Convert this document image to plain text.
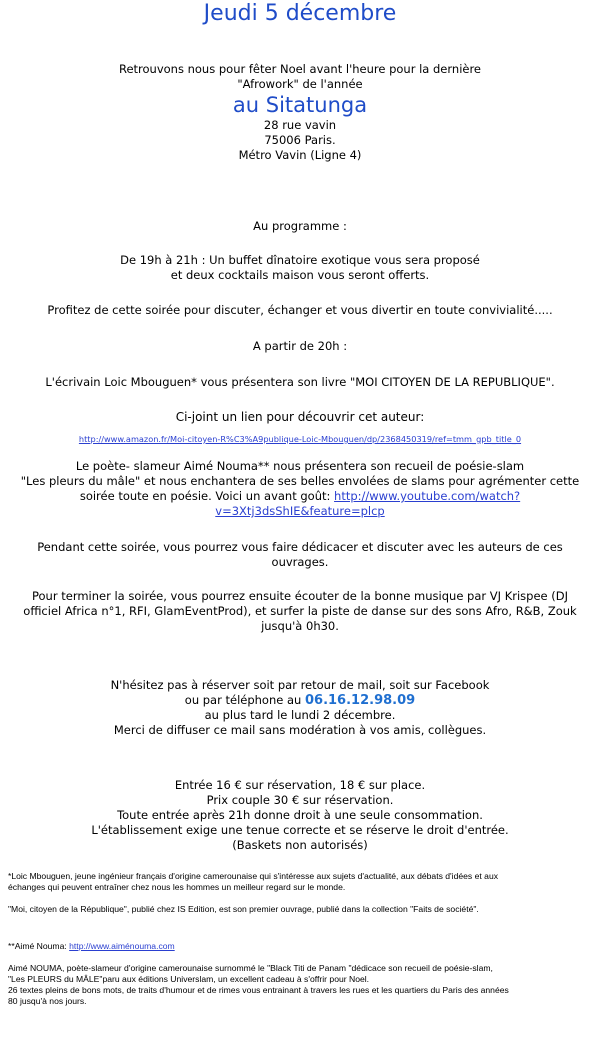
Jeudi 5 décembre
Retrouvons nous pour fêter Noel avant l'heure pour la dernière
"Afrowork" de l'année
au Sitatunga
28 rue vavin
75006 Paris.
Métro Vavin (Ligne 4)
Au programme :
De 19h à 21h : Un buffet dînatoire exotique vous sera proposé
et deux cocktails maison vous seront offerts.
Profitez de cette soirée pour discuter, échanger et vous divertir en toute convivialité.....
A partir de 20h :
L'écrivain Loic Mbouguen* vous présentera son livre "MOI CITOYEN DE LA REPUBLIQUE".
Ci-joint un lien pour découvrir cet auteur:
http://www.amazon.fr/Moi-citoyen-R%C3%A9publique-Loic-Mbouguen/dp/2368450319/ref=tmm_gpb_title_0
Le poète- slameur Aimé Nouma** nous présentera son recueil de poésie-slam
"Les pleurs du mâle" et nous enchantera de ses belles envolées de slams pour agrémenter cette
soirée toute en poésie. Voici un avant goût: http://www.youtube.com/watch?
v=3Xtj3dsShIE&feature=plcp
Pendant cette soirée, vous pourrez vous faire dédicacer et discuter avec les auteurs de ces
ouvrages.
Pour terminer la soirée, vous pourrez ensuite écouter de la bonne musique par VJ Krispee (DJ
officiel Africa n°1, RFI, GlamEventProd), et surfer la piste de danse sur des sons Afro, R&B, Zouk
jusqu'à 0h30.
N'hésitez pas à réserver soit par retour de mail, soit sur Facebook
ou par téléphone au 06.16.12.98.09
au plus tard le lundi 2 décembre.
Merci de diffuser ce mail sans modération à vos amis, collègues.
Entrée 16 € sur réservation, 18 € sur place.
Prix couple 30 € sur réservation.
Toute entrée après 21h donne droit à une seule consommation.
L'établissement exige une tenue correcte et se réserve le droit d'entrée.
(Baskets non autorisés)
*Loic Mbouguen, jeune ingénieur français d'origine camerounaise qui s'intéresse aux sujets d'actualité, aux débats d'idées et aux
échanges qui peuvent entraîner chez nous les hommes un meilleur regard sur le monde.
"Moi, citoyen de la République", publié chez IS Edition, est son premier ouvrage, publié dans la collection "Faits de société".
**Aimé Nouma: http://www.aiménouma.com
Aimé NOUMA, poète-slameur d'origine camerounaise surnommé le "Black Titi de Panam "dédicace son recueil de poésie-slam,
"Les PLEURS du MÂLE"paru aux éditions Universlam, un excellent cadeau à s'offrir pour Noel.
26 textes pleins de bons mots, de traits d'humour et de rimes vous entrainant à travers les rues et les quartiers du Paris des années
80 jusqu'à nos jours.
